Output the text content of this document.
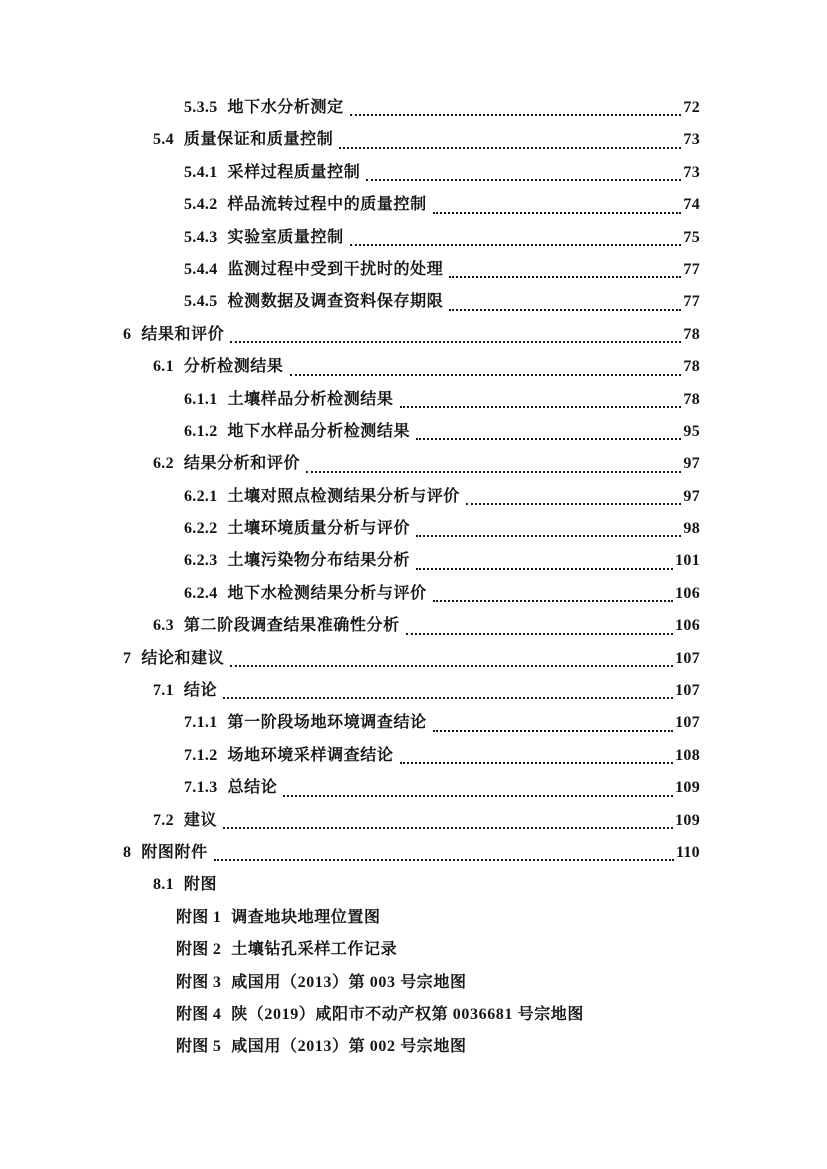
5.3.5 地下水分析测定	72
5.4 质量保证和质量控制	73
5.4.1 采样过程质量控制	73
5.4.2 样品流转过程中的质量控制	74
5.4.3 实验室质量控制	75
5.4.4 监测过程中受到干扰时的处理	77
5.4.5 检测数据及调查资料保存期限	77
6 结果和评价	78
6.1 分析检测结果	78
6.1.1 土壤样品分析检测结果	78
6.1.2 地下水样品分析检测结果	95
6.2 结果分析和评价	97
6.2.1 土壤对照点检测结果分析与评价	97
6.2.2 土壤环境质量分析与评价	98
6.2.3 土壤污染物分布结果分析	101
6.2.4 地下水检测结果分析与评价	106
6.3 第二阶段调查结果准确性分析	106
7 结论和建议	107
7.1 结论	107
7.1.1 第一阶段场地环境调查结论	107
7.1.2 场地环境采样调查结论	108
7.1.3 总结论	109
7.2 建议	109
8 附图附件	110
8.1 附图
附图 1 调查地块地理位置图
附图 2 土壤钻孔采样工作记录
附图 3 咸国用（2013）第 003 号宗地图
附图 4 陕（2019）咸阳市不动产权第 0036681 号宗地图
附图 5 咸国用（2013）第 002 号宗地图
